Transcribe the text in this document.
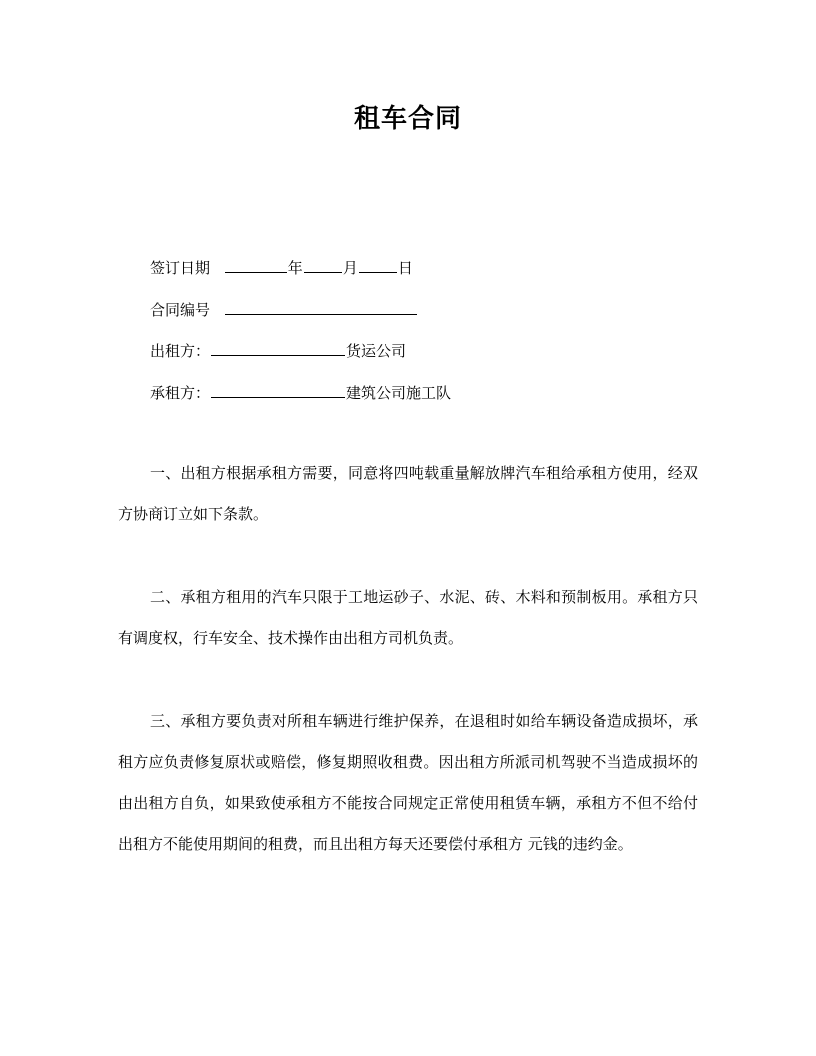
租车合同
签订日期	年	月	日
合同编号
出租方：	货运公司
承租方：	建筑公司施工队

一、出租方根据承租方需要，同意将四吨载重量解放牌汽车租给承租方使用，经双方协商订立如下条款。

二、承租方租用的汽车只限于工地运砂子、水泥、砖、木料和预制板用。承租方只有调度权，行车安全、技术操作由出租方司机负责。

三、承租方要负责对所租车辆进行维护保养，在退租时如给车辆设备造成损坏，承租方应负责修复原状或赔偿，修复期照收租费。因出租方所派司机驾驶不当造成损坏的由出租方自负，如果致使承租方不能按合同规定正常使用租赁车辆，承租方不但不给付出租方不能使用期间的租费，而且出租方每天还要偿付承租方 元钱的违约金。
